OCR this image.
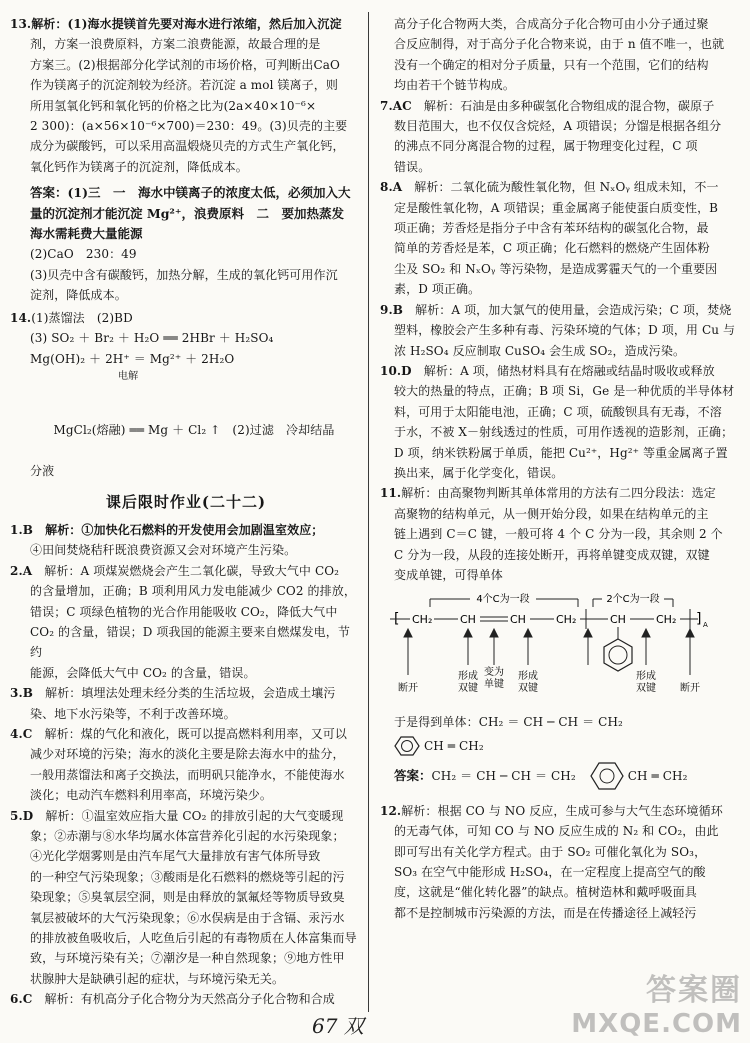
13.解析：(1)海水提镁首先要对海水进行浓缩，然后加入沉淀

剂，方案一浪费原料，方案二浪费能源，故最合理的是

方案三。(2)根据部分化学试剂的市场价格，可判断出CaO

作为镁离子的沉淀剂较为经济。若沉淀 a mol 镁离子，则

所用氢氧化钙和氧化钙的价格之比为(2a×40×10⁻⁶×

2 300)：(a×56×10⁻⁶×700)＝230：49。(3)贝壳的主要

成分为碳酸钙，可以采用高温煅烧贝壳的方式生产氧化钙，

氧化钙作为镁离子的沉淀剂，降低成本。

答案：(1)三　一　海水中镁离子的浓度太低，必须加入大

量的沉淀剂才能沉淀 Mg²⁺，浪费原料　二　要加热蒸发

海水需耗费大量能源

(2)CaO　230：49

(3)贝壳中含有碳酸钙，加热分解，生成的氧化钙可用作沉

淀剂，降低成本。

14.(1)蒸馏法　(2)BD

(3) SO₂ ＋ Br₂ ＋ H₂O ══ 2HBr ＋ H₂SO₄

Mg(OH)₂ ＋ 2H⁺ ＝ Mg²⁺ ＋ 2H₂O

电解

MgCl₂(熔融) ══ Mg ＋ Cl₂ ↑　(2)过滤　冷却结晶

分液

课后限时作业(二十二)

1.B　 解析：①加快化石燃料的开发使用会加剧温室效应；

④田间焚烧秸秆既浪费资源又会对环境产生污染。

2.A　 解析：A 项煤炭燃烧会产生二氧化碳，导致大气中 CO₂

的含量增加，正确；B 项利用风力发电能减少 CO2 的排放，

错误；C 项绿色植物的光合作用能吸收 CO₂，降低大气中

CO₂ 的含量，错误；D 项我国的能源主要来自燃煤发电，节约

能源，会降低大气中 CO₂ 的含量，错误。

3.B　 解析：填埋法处理未经分类的生活垃圾，会造成土壤污

染、地下水污染等，不利于改善环境。

4.C　 解析：煤的气化和液化，既可以提高燃料利用率，又可以

减少对环境的污染；海水的淡化主要是除去海水中的盐分，

一般用蒸馏法和离子交换法，而明矾只能净水，不能使海水

淡化；电动汽车燃料利用率高，环境污染少。

5.D　 解析：①温室效应指大量 CO₂ 的排放引起的大气变暖现

象；②赤潮与⑧水华均属水体富营养化引起的水污染现象；

④光化学烟雾则是由汽车尾气大量排放有害气体所导致

的一种空气污染现象；③酸雨是化石燃料的燃烧等引起的污

染现象；⑤臭氧层空洞，则是由释放的氯氟烃等物质导致臭

氧层被破坏的大气污染现象；⑥水俣病是由于含镉、汞污水

的排放被鱼吸收后，人吃鱼后引起的有毒物质在人体富集而导

致，与环境污染有关；⑦潮汐是一种自然现象；⑨地方性甲

状腺肿大是缺碘引起的症状，与环境污染无关。

6.C　 解析：有机高分子化合物分为天然高分子化合物和合成

高分子化合物两大类，合成高分子化合物可由小分子通过聚

合反应制得，对于高分子化合物来说，由于 n 值不唯一，也就

没有一个确定的相对分子质量，只有一个范围，它们的结构

均由若干个链节构成。

7.AC　 解析：石油是由多种碳氢化合物组成的混合物，碳原子

数目范围大，也不仅仅含烷烃，A 项错误；分馏是根据各组分

的沸点不同分离混合物的过程，属于物理变化过程，C 项

错误。

8.A　 解析：二氧化硫为酸性氧化物，但 NₓOᵧ 组成未知，不一

定是酸性氧化物，A 项错误；重金属离子能使蛋白质变性，B

项正确；芳香烃是指分子中含有苯环结构的碳氢化合物，最

简单的芳香烃是苯，C 项正确；化石燃料的燃烧产生固体粉

尘及 SO₂ 和 NₓOᵧ 等污染物，是造成雾霾天气的一个重要因

素，D 项正确。

9.B　 解析：A 项，加大氯气的使用量，会造成污染；C 项，焚烧

塑料，橡胶会产生多种有毒、污染环境的气体；D 项，用 Cu 与

浓 H₂SO₄ 反应制取 CuSO₄ 会生成 SO₂，造成污染。

10.D　 解析：A 项，储热材料具有在熔融或结晶时吸收或释放

较大的热量的特点，正确；B 项 Si，Ge 是一种优质的半导体材

料，可用于太阳能电池，正确；C 项，硫酸钡具有无毒，不溶

于水，不被 X－射线透过的性质，可用作透视的造影剂，正确；

D 项，纳米铁粉属于单质，能把 Cu²⁺，Hg²⁺ 等重金属离子置

换出来，属于化学变化，错误。

11.解析：由高聚物判断其单体常用的方法有二四分段法：选定

高聚物的结构单元，从一侧开始分段，如果在结构单元的主

链上遇到 C＝C 键，一般可将 4 个 C 分为一段，其余则 2 个

C 分为一段，从段的连接处断开，再将单键变成双键，双键

变成单键，可得单体

4个C为一段	2个C为一段
[ CH₂	CH	CH	CH₂	CH	CH₂ ] A
断开
形成
双键
变为
单键
形成
双键
形成
双键 断开

于是得到单体：CH₂ ＝ CH ─ CH ＝ CH₂

CH ═ CH₂
答案： CH₂ ＝ CH ─ CH ＝ CH₂	CH ═ CH₂

12.解析：根据 CO 与 NO 反应，生成可参与大气生态环境循环

的无毒气体，可知 CO 与 NO 反应生成的 N₂ 和 CO₂，由此

即可写出有关化学方程式。由于 SO₂ 可催化氧化为 SO₃，

SO₃ 在空气中能形成 H₂SO₄，在一定程度上提高空气的酸

度，这就是“催化转化器”的缺点。植树造林和戴呼吸面具

都不是控制城市污染源的方法，而是在传播途径上减轻污

67 双
答案圈
MXQE.COM
